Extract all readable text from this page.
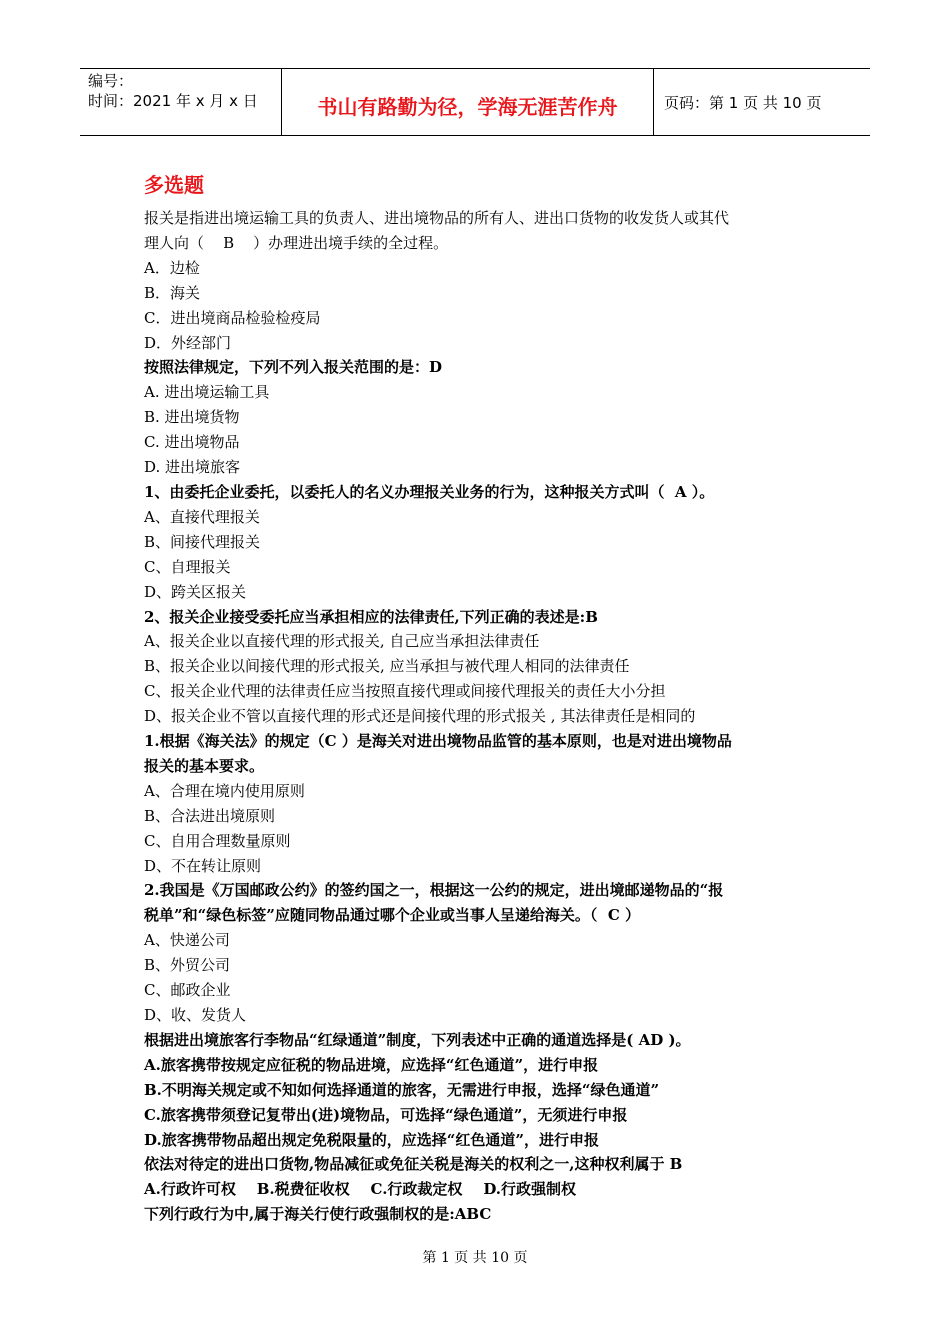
编号：
时间：2021 年 x 月 x 日	书山有路勤为径，学海无涯苦作舟	页码：第 1 页 共 10 页
多选题

报关是指进出境运输工具的负责人、进出境物品的所有人、进出口货物的收发货人或其代

理人向（    B    ）办理进出境手续的全过程。

A．边检

B．海关

C．进出境商品检验检疫局

D．外经部门

按照法律规定，下列不列入报关范围的是：D

A. 进出境运输工具

B. 进出境货物

C. 进出境物品

D. 进出境旅客

1、由委托企业委托，以委托人的名义办理报关业务的行为，这种报关方式叫（  A ）。

A、直接代理报关

B、间接代理报关

C、自理报关

D、跨关区报关

2、报关企业接受委托应当承担相应的法律责任,下列正确的表述是:B

A、报关企业以直接代理的形式报关, 自己应当承担法律责任

B、报关企业以间接代理的形式报关, 应当承担与被代理人相同的法律责任

C、报关企业代理的法律责任应当按照直接代理或间接代理报关的责任大小分担

D、报关企业不管以直接代理的形式还是间接代理的形式报关 , 其法律责任是相同的

1.根据《海关法》的规定（C ）是海关对进出境物品监管的基本原则，也是对进出境物品

报关的基本要求。

A、合理在境内使用原则

B、合法进出境原则

C、自用合理数量原则

D、不在转让原则

2.我国是《万国邮政公约》的签约国之一，根据这一公约的规定，进出境邮递物品的“报

税单”和“绿色标签”应随同物品通过哪个企业或当事人呈递给海关。（  C ）

A、快递公司

B、外贸公司

C、邮政企业

D、收、发货人

根据进出境旅客行李物品“红绿通道”制度，下列表述中正确的通道选择是( AD )。

A.旅客携带按规定应征税的物品进境，应选择“红色通道”，进行申报

B.不明海关规定或不知如何选择通道的旅客，无需进行申报，选择“绿色通道”

C.旅客携带须登记复带出(进)境物品，可选择“绿色通道”，无须进行申报

D.旅客携带物品超出规定免税限量的，应选择“红色通道”，进行申报

依法对待定的进出口货物,物品减征或免征关税是海关的权利之一,这种权利属于 B

A.行政许可权    B.税费征收权    C.行政裁定权    D.行政强制权

下列行政行为中,属于海关行使行政强制权的是:ABC

第 1 页 共 10 页
